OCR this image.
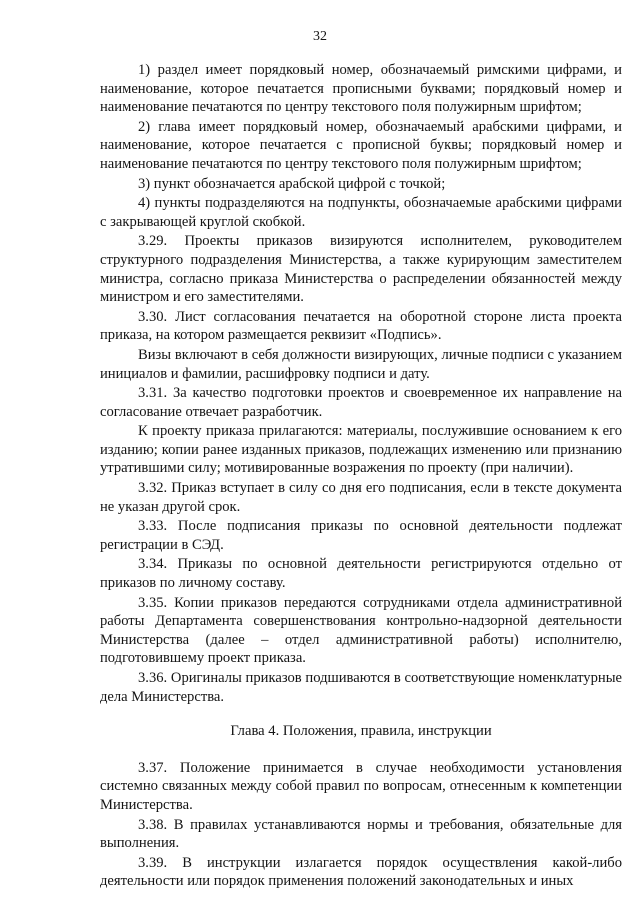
32

1) раздел имеет порядковый номер, обозначаемый римскими цифрами, и наименование, которое печатается прописными буквами; порядковый номер и наименование печатаются по центру текстового поля полужирным шрифтом;

2) глава имеет порядковый номер, обозначаемый арабскими цифрами, и наименование, которое печатается с прописной буквы; порядковый номер и наименование печатаются по центру текстового поля полужирным шрифтом;

3) пункт обозначается арабской цифрой с точкой;

4) пункты подразделяются на подпункты, обозначаемые арабскими цифрами с закрывающей круглой скобкой.

3.29. Проекты приказов визируются исполнителем, руководителем структурного подразделения Министерства, а также курирующим заместителем министра, согласно приказа Министерства о распределении обязанностей между министром и его заместителями.

3.30. Лист согласования печатается на оборотной стороне листа проекта приказа, на котором размещается реквизит «Подпись».

Визы включают в себя должности визирующих, личные подписи с указанием инициалов и фамилии, расшифровку подписи и дату.

3.31. За качество подготовки проектов и своевременное их направление на согласование отвечает разработчик.

К проекту приказа прилагаются: материалы, послужившие основанием к его изданию; копии ранее изданных приказов, подлежащих изменению или признанию утратившими силу; мотивированные возражения по проекту (при наличии).

3.32. Приказ вступает в силу со дня его подписания, если в тексте документа не указан другой срок.

3.33. После подписания приказы по основной деятельности подлежат регистрации в СЭД.

3.34. Приказы по основной деятельности регистрируются отдельно от приказов по личному составу.

3.35. Копии приказов передаются сотрудниками отдела административной работы Департамента совершенствования контрольно-надзорной деятельности Министерства (далее – отдел административной работы) исполнителю, подготовившему проект приказа.

3.36. Оригиналы приказов подшиваются в соответствующие номенклатурные дела Министерства.

Глава 4. Положения, правила, инструкции

3.37. Положение принимается в случае необходимости установления системно связанных между собой правил по вопросам, отнесенным к компетенции Министерства.

3.38. В правилах устанавливаются нормы и требования, обязательные для выполнения.

3.39. В инструкции излагается порядок осуществления какой-либо деятельности или порядок применения положений законодательных и иных
